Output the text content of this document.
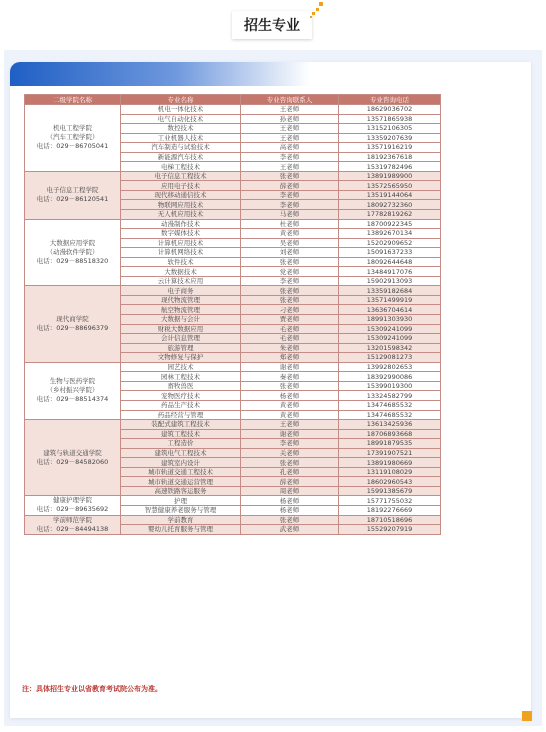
招生专业
二级学院名称	专业名称	专业咨询联系人	专业咨询电话

机电工程学院
（汽车工程学院）
电话：029－86705041	机电一体化技术	王老师	18629036702
	电气自动化技术	孙老师	13571865938
	数控技术	王老师	13152106305
	工业机器人技术	王老师	13359207639
	汽车制造与试验技术	高老师	13571916219
	新能源汽车技术	李老师	18192367618
	电梯工程技术	王老师	15319782496

电子信息工程学院
电话：029－86120541	电子信息工程技术	张老师	13891989900
	应用电子技术	薛老师	13572565950
	现代移动通信技术	李老师	13519144064
	物联网应用技术	李老师	18092732360
	无人机应用技术	马老师	17782819262

大数据应用学院
（动漫软件学院）
电话：029－88518320	动漫制作技术	杜老师	18700922345
	数字媒体技术	黄老师	13892670134
	计算机应用技术	吴老师	15202909652
	计算机网络技术	刘老师	15091637233
	软件技术	张老师	18092644648
	大数据技术	党老师	13484917076
	云计算技术应用	李老师	15902913093

现代商学院
电话：029－88696379	电子商务	张老师	13359182684
	现代物流管理	张老师	13571499919
	航空物流管理	刁老师	13636704614
	大数据与会计	贾老师	18991303930
	财税大数据应用	毛老师	15309241099
	会计信息管理	毛老师	15309241099
	旅游管理	朱老师	13201598342
	文物修复与保护	郑老师	15129081273

生物与医药学院
（乡村振兴学院）
电话：029－88514374	园艺技术	谢老师	13992802653
	园林工程技术	秦老师	18392990086
	畜牧兽医	张老师	15399019300
	宠物医疗技术	杨老师	13324582799
	药品生产技术	黄老师	13474685532
	药品经营与管理	黄老师	13474685532

建筑与轨道交通学院
电话：029－84582060	装配式建筑工程技术	王老师	13613425936
	建筑工程技术	谢老师	18706893668
	工程造价	李老师	18991879535
	建筑电气工程技术	关老师	17391907521
	建筑室内设计	张老师	13891980669
	城市轨道交通工程技术	孔老师	13119108029
	城市轨道交通运营管理	薛老师	18602960543
	高速铁路客运服务	周老师	15991385679

健康护理学院
电话：029－89635692	护理	杨老师	15771755032
	智慧健康养老服务与管理	杨老师	18192276669

学前师范学院
电话：029－84494138	学前教育	张老师	18710518696
	婴幼儿托育服务与管理	武老师	15529207919
注：具体招生专业以省教育考试院公布为准。
